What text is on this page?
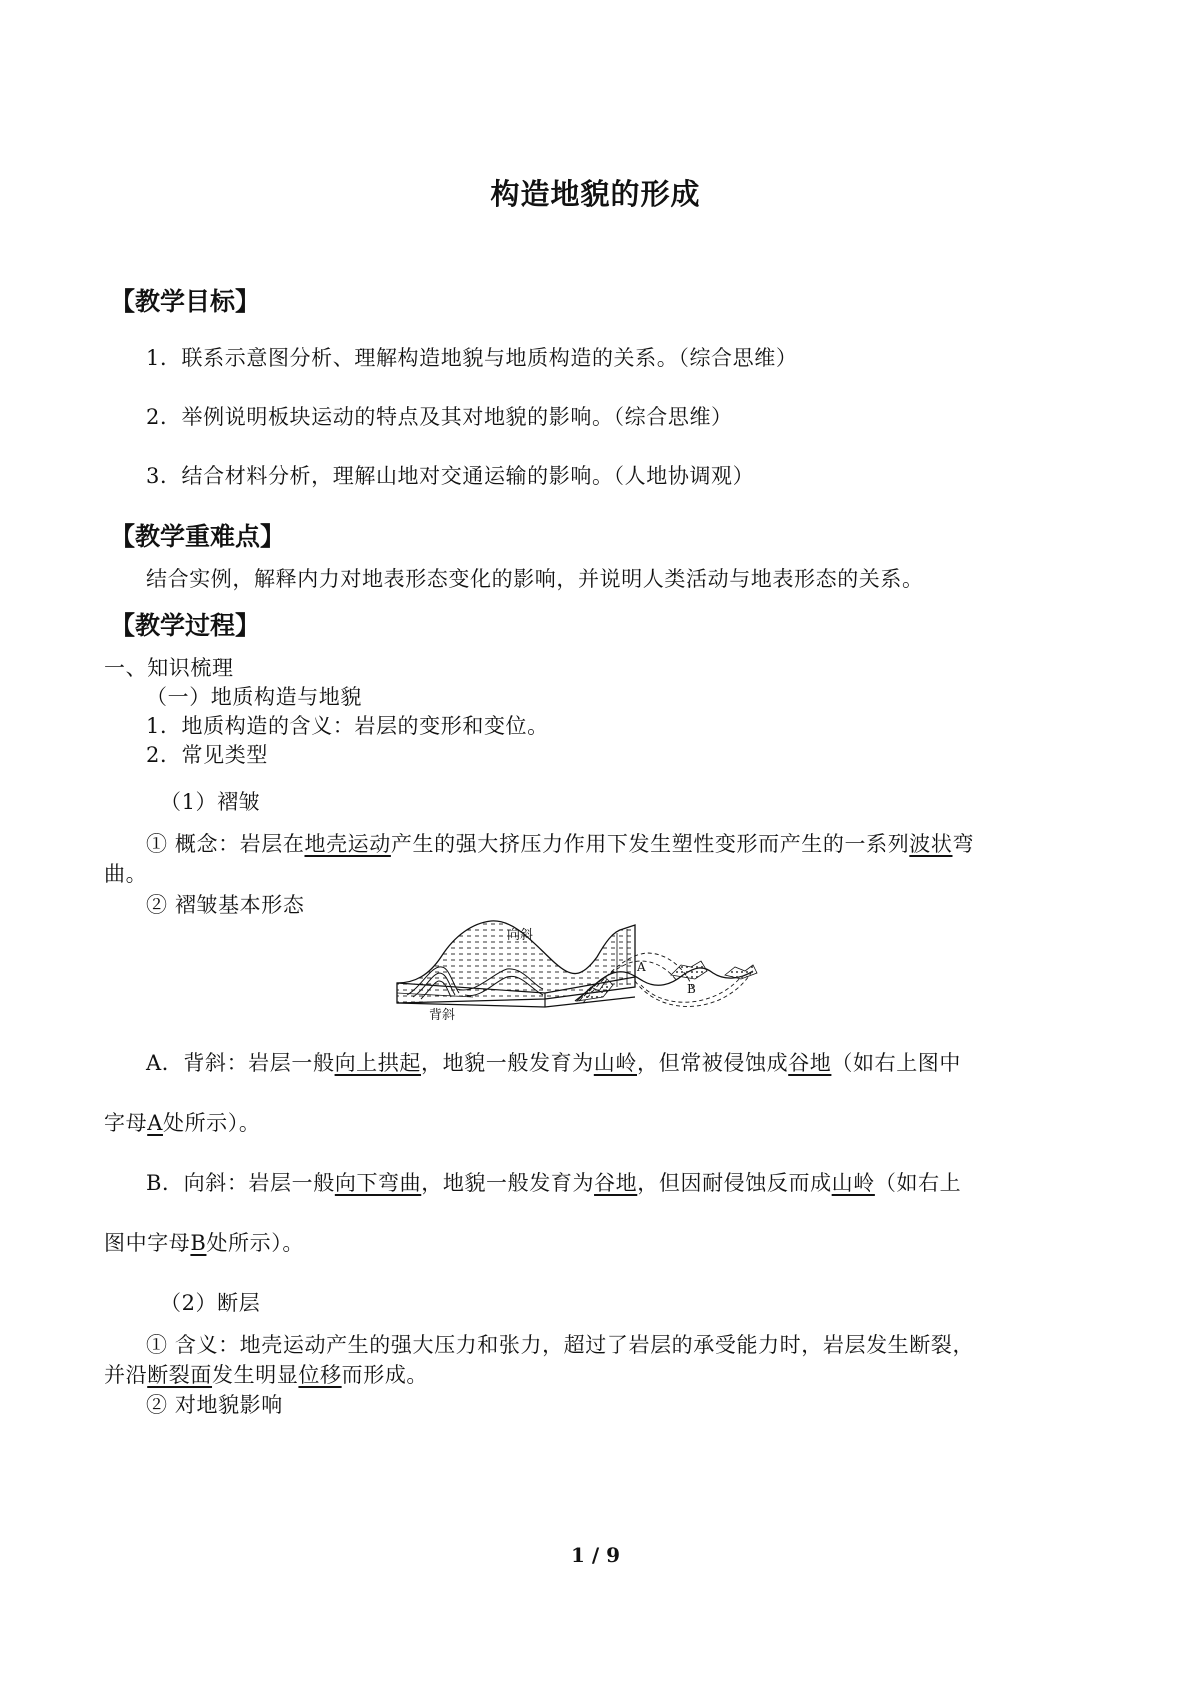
构造地貌的形成
【教学目标】
1．联系示意图分析、理解构造地貌与地质构造的关系。（综合思维）
2．举例说明板块运动的特点及其对地貌的影响。（综合思维）
3．结合材料分析，理解山地对交通运输的影响。（人地协调观）
【教学重难点】
结合实例，解释内力对地表形态变化的影响，并说明人类活动与地表形态的关系。
【教学过程】
一、知识梳理
（一）地质构造与地貌
1．地质构造的含义：岩层的变形和变位。
2．常见类型
（1）褶皱
① 概念：岩层在地壳运动产生的强大挤压力作用下发生塑性变形而产生的一系列波状弯
曲。
② 褶皱基本形态
向斜
背斜
A
B
A．背斜：岩层一般向上拱起，地貌一般发育为山岭，但常被侵蚀成谷地（如右上图中
字母A处所示）。
B．向斜：岩层一般向下弯曲，地貌一般发育为谷地，但因耐侵蚀反而成山岭（如右上
图中字母B处所示）。
（2）断层
① 含义：地壳运动产生的强大压力和张力，超过了岩层的承受能力时，岩层发生断裂，
并沿断裂面发生明显位移而形成。
② 对地貌影响
1 / 9
